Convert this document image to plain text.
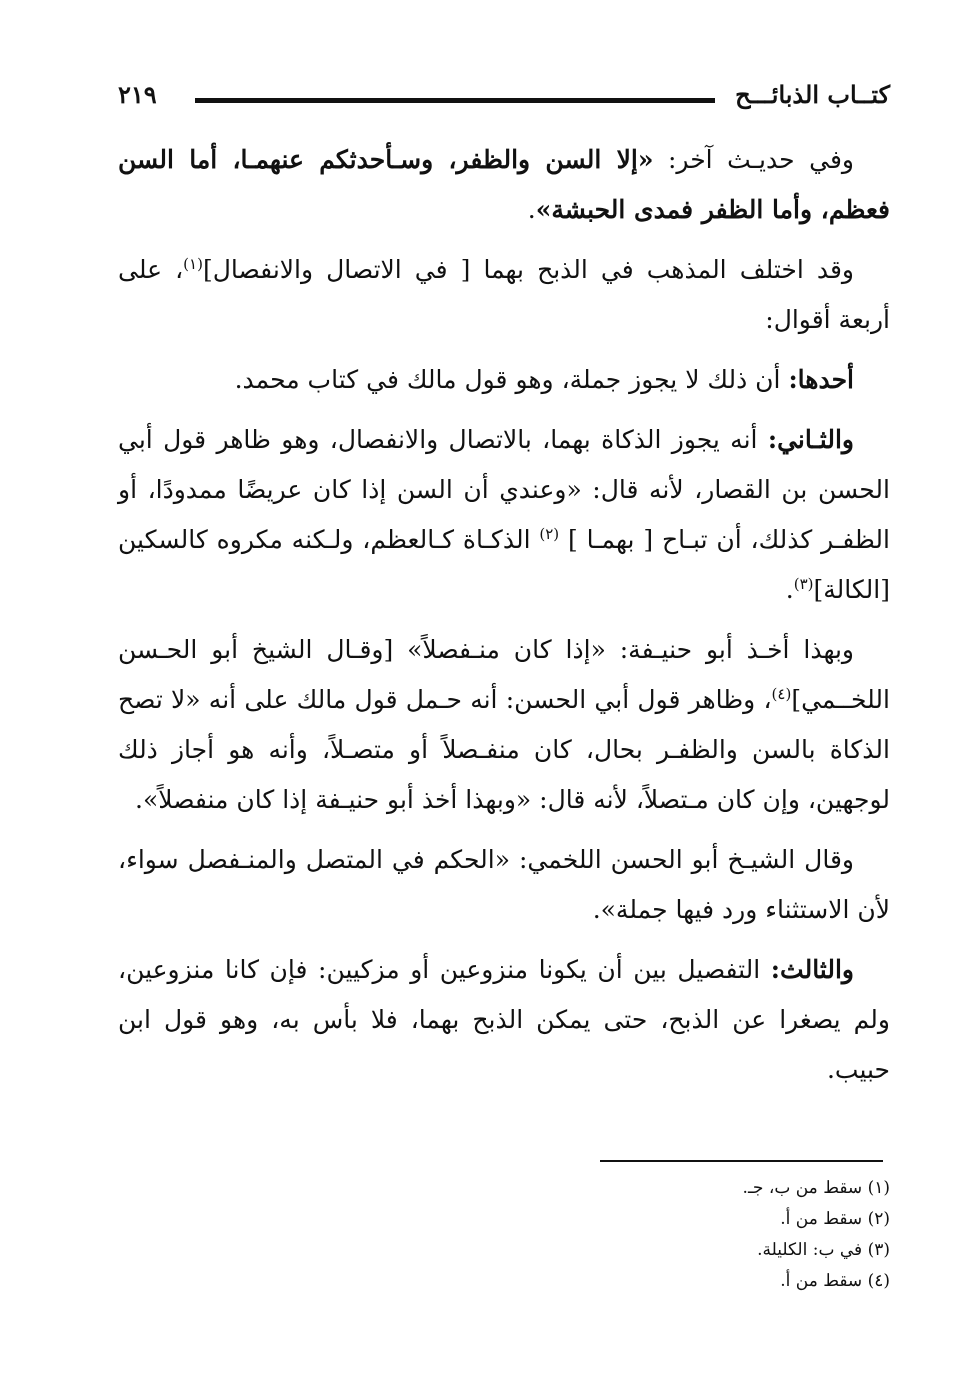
كتــاب الذبائـــح
٢١٩

وفي حديـث آخر: «إلا السن والظفر، وسـأحدثكم عنهمـا، أما السن فعظم، وأما الظفر فمدى الحبشة».

وقد اختلف المذهب في الذبح بهما [ في الاتصال والانفصال]$^{(١)}$، على أربعة أقوال:

أحدها: أن ذلك لا يجوز جملة، وهو قول مالك في كتاب محمد.

والثـاني: أنه يجوز الذكاة بهما، بالاتصال والانفصال، وهو ظاهر قول أبي الحسن بن القصار، لأنه قال: «وعندي أن السن إذا كان عريضًا ممدودًا، أو الظفـر كذلك، أن تبـاح [ بهمـا ] $^{(٢)}$ الذكـاة كـالعظم، ولـكنه مكروه كالسكين [الكالة]$^{(٣)}$.

وبهذا أخـذ أبو حنيـفة: «إذا كان منـفصلاً» [وقـال الشيخ أبو الحـسن اللخــمي]$^{(٤)}$، وظاهر قول أبي الحسن: أنه حـمل قول مالك على أنه «لا تصح الذكاة بالسن والظفـر بحال، كان منفـصلاً أو متصـلاً، وأنه هو أجاز ذلك لوجهين، وإن كان مـتصلاً، لأنه قال: «وبهذا أخذ أبو حنيـفة إذا كان منفصلاً».

وقال الشيـخ أبو الحسن اللخمي: «الحكم في المتصل والمنـفصل سواء، لأن الاستثناء ورد فيها جملة».

والثالث: التفصيل بين أن يكونا منزوعين أو مزكيين: فإن كانا منزوعين، ولم يصغرا عن الذبح، حتى يمكن الذبح بهما، فلا بأس به، وهو قول ابن حبيب.

(١) سقط من ب، جـ.
(٢) سقط من أ.
(٣) في ب: الكليلة.
(٤) سقط من أ.
